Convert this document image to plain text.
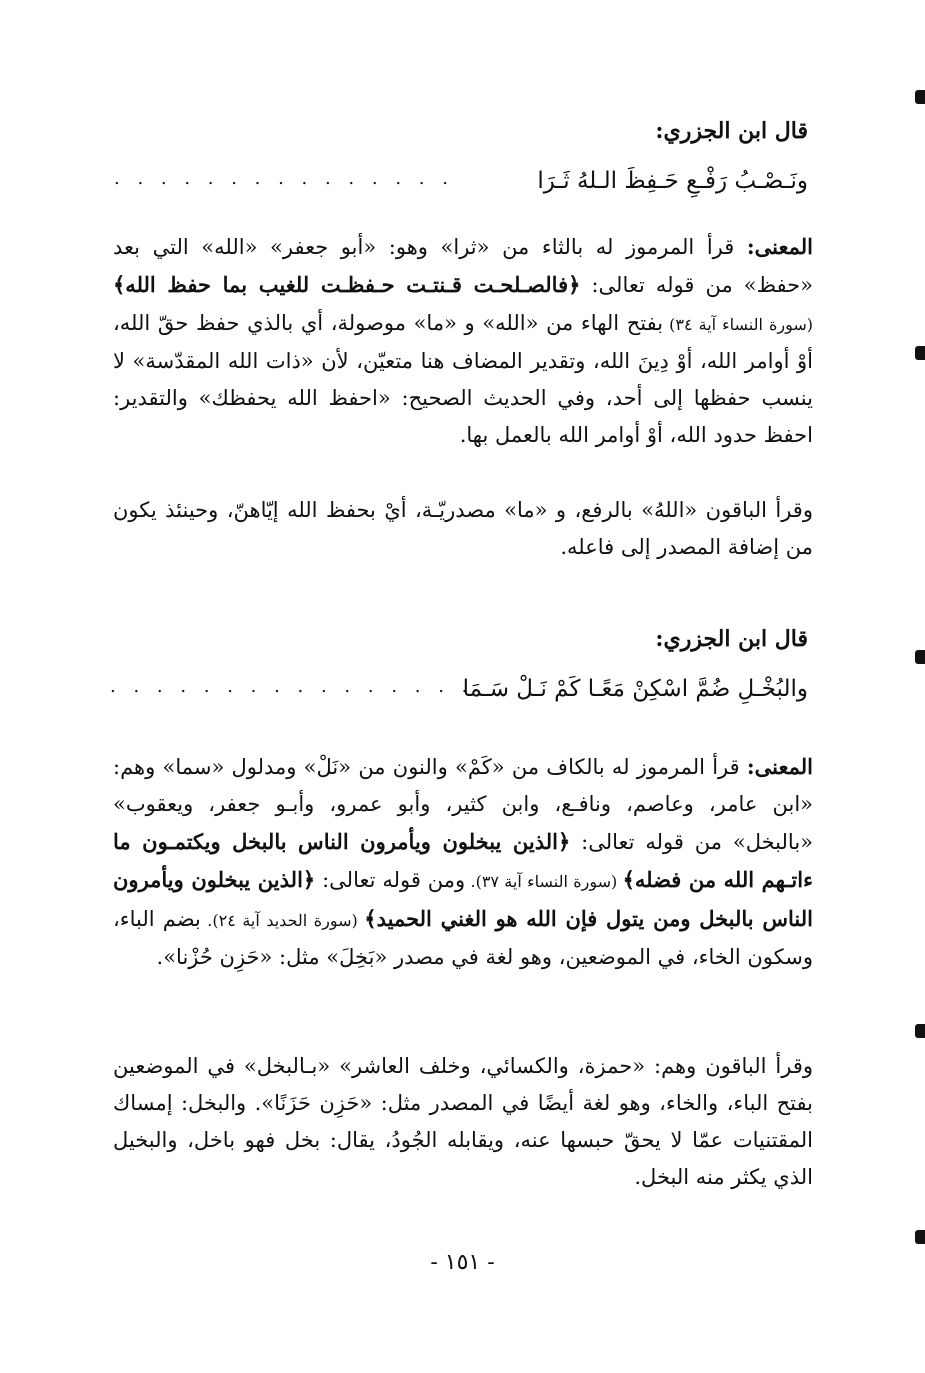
قال ابن الجزري:
ونَـصْـبُ رَفْـعِ حَـفِظَ الـلهُ ثَـرَا
. . . . . . . . . . . . . . .
المعنى: قرأ المرموز له بالثاء من «ثرا» وهو: «أبو جعفر» «الله» التي بعد «حفظ» من قوله تعالى: ﴿فالصـلحـت قـنتـت حـفظـت للغيب بما حفظ الله﴾ (سورة النساء آية ٣٤) بفتح الهاء من «الله» و «ما» موصولة، أي بالذي حفظ حقّ الله، أوْ أوامر الله، أوْ دِينَ الله، وتقدير المضاف هنا متعيّن، لأن «ذات الله المقدّسة» لا ينسب حفظها إلى أحد، وفي الحديث الصحيح: «احفظ الله يحفظك» والتقدير: احفظ حدود الله، أوْ أوامر الله بالعمل بها.
وقرأ الباقون «اللهُ» بالرفع، و «ما» مصدريّـة، أيْ بحفظ الله إيّاهنّ، وحينئذ يكون من إضافة المصدر إلى فاعله.
قال ابن الجزري:
والبُخْـلِ ضُمَّ اسْكِنْ مَعًـا كَمْ نَـلْ سَـمَا
. . . . . . . . . . . . . . . .
المعنى: قرأ المرموز له بالكاف من «كَمْ» والنون من «نَلْ» ومدلول «سما» وهم: «ابن عامر، وعاصم، ونافـع، وابن كثير، وأبو عمرو، وأبـو جعفر، ويعقوب» «بالبخل» من قوله تعالى: ﴿الذين يبخلون ويأمرون الناس بالبخل ويكتمـون ما ءاتـهم الله من فضله﴾ (سورة النساء آية ٣٧). ومن قوله تعالى: ﴿الذين يبخلون ويأمرون الناس بالبخل ومن يتول فإن الله هو الغني الحميد﴾ (سورة الحديد آية ٢٤). بضم الباء، وسكون الخاء، في الموضعين، وهو لغة في مصدر «بَخِلَ» مثل: «حَزِن حُزْنا».
وقرأ الباقون وهم: «حمزة، والكسائي، وخلف العاشر» «بـالبخل» في الموضعين بفتح الباء، والخاء، وهو لغة أيضًا في المصدر مثل: «حَزِن حَزَنًا». والبخل: إمساك المقتنيات عمّا لا يحقّ حبسها عنه، ويقابله الجُودُ، يقال: بخل فهو باخل، والبخيل الذي يكثر منه البخل.
- ١٥١ -
